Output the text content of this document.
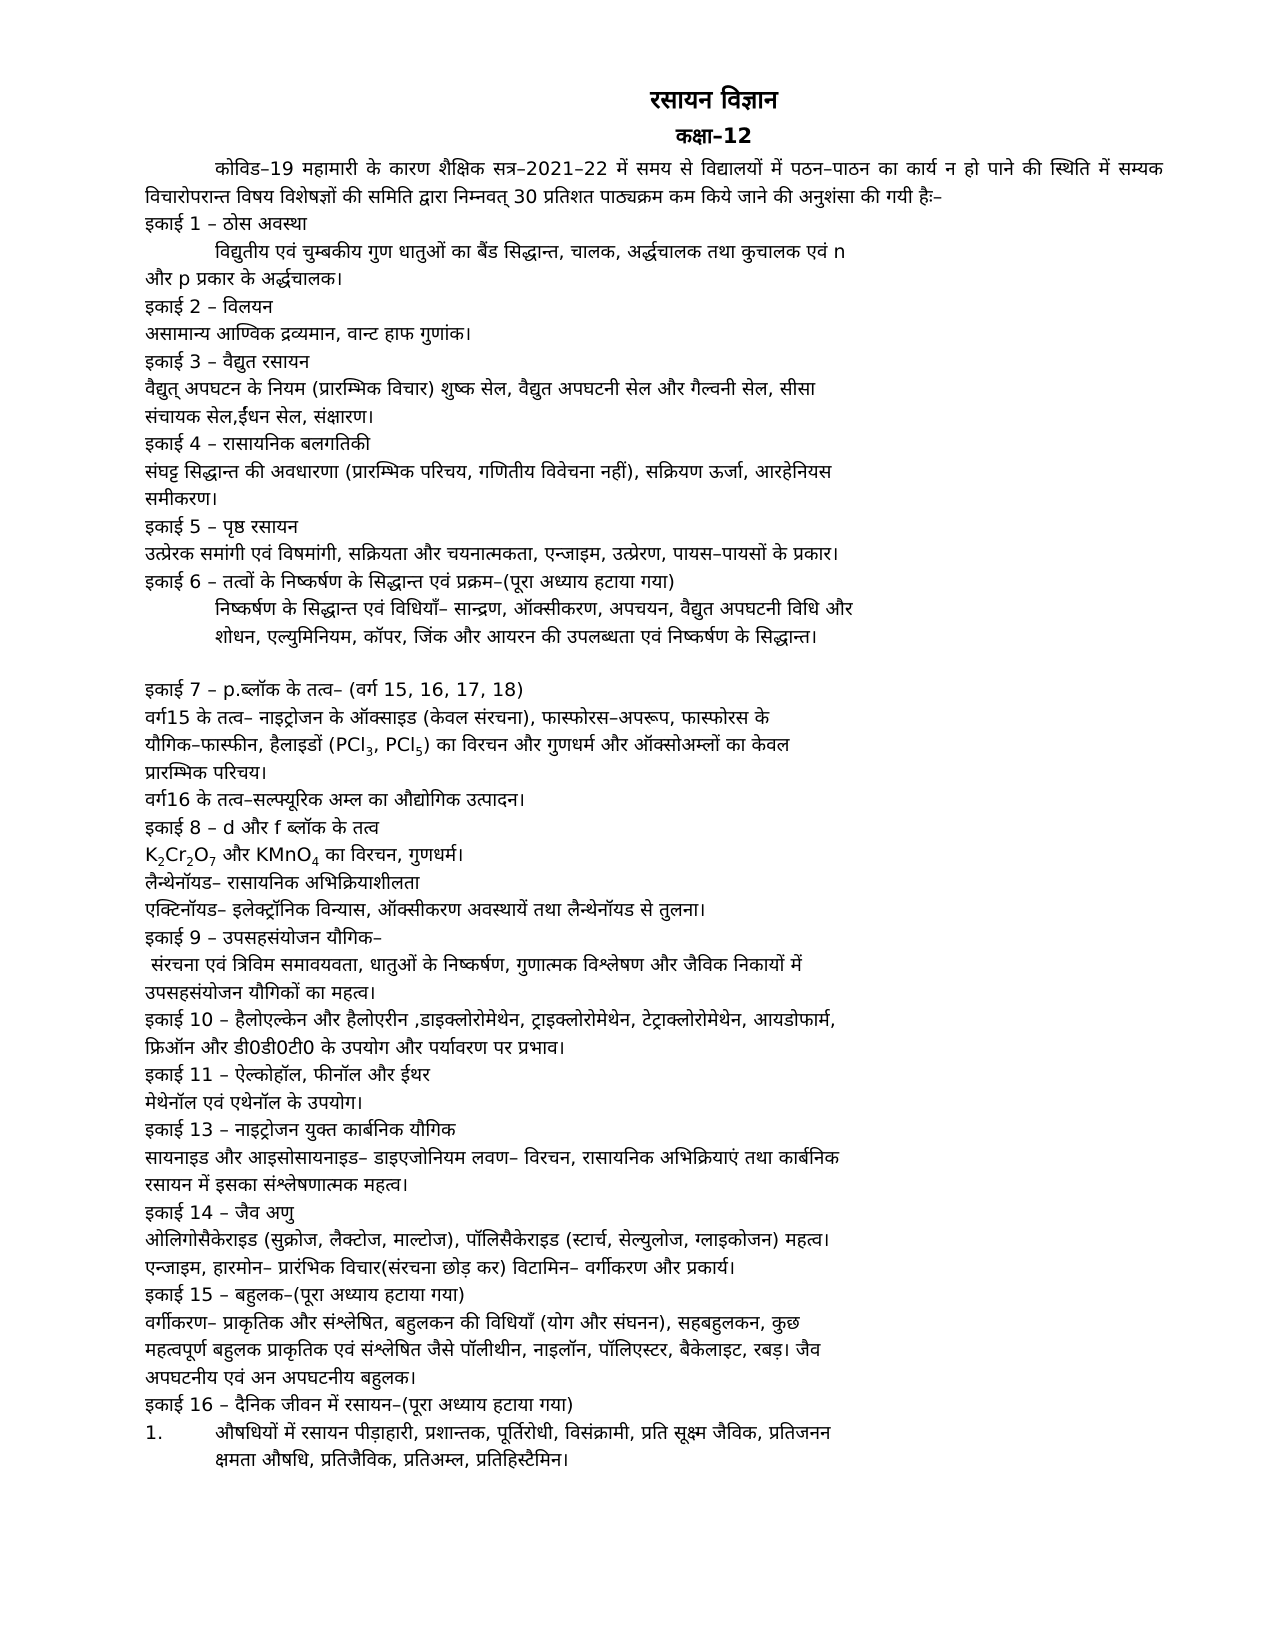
रसायन विज्ञान
कक्षा–12

कोविड–19 महामारी के कारण शैक्षिक सत्र–2021–22 में समय से विद्यालयों में पठन–पाठन का कार्य न हो पाने की स्थिति में सम्यक विचारोपरान्त विषय विशेषज्ञों की समिति द्वारा निम्नवत् 30 प्रतिशत पाठ्यक्रम कम किये जाने की अनुशंसा की गयी हैः–

इकाई 1 – ठोस अवस्था

विद्युतीय एवं चुम्बकीय गुण धातुओं का बैंड सिद्धान्त, चालक, अर्द्धचालक तथा कुचालक एवं n

और p प्रकार के अर्द्धचालक।

इकाई 2 – विलयन

असामान्य आण्विक द्रव्यमान, वान्ट हाफ गुणांक।

इकाई 3 – वैद्युत रसायन

वैद्युत् अपघटन के नियम (प्रारम्भिक विचार) शुष्क सेल, वैद्युत अपघटनी सेल और गैल्वनी सेल, सीसा

संचायक सेल,ईंधन सेल, संक्षारण।

इकाई 4 – रासायनिक बलगतिकी

संघट्ट सिद्धान्त की अवधारणा (प्रारम्भिक परिचय, गणितीय विवेचना नहीं), सक्रियण ऊर्जा, आरहेनियस

समीकरण।

इकाई 5 – पृष्ठ रसायन

उत्प्रेरक समांगी एवं विषमांगी, सक्रियता और चयनात्मकता, एन्जाइम, उत्प्रेरण, पायस–पायसों के प्रकार।

इकाई 6 – तत्वों के निष्कर्षण के सिद्धान्त एवं प्रक्रम–(पूरा अध्याय हटाया गया)

निष्कर्षण के सिद्धान्त एवं विधियाँ– सान्द्रण, ऑक्सीकरण, अपचयन, वैद्युत अपघटनी विधि और

शोधन, एल्युमिनियम, कॉपर, जिंक और आयरन की उपलब्धता एवं निष्कर्षण के सिद्धान्त।

इकाई 7 – p.ब्लॉक के तत्व– (वर्ग 15, 16, 17, 18)

वर्ग15 के तत्व– नाइट्रोजन के ऑक्साइड (केवल संरचना), फास्फोरस–अपरूप, फास्फोरस के

यौगिक–फास्फीन, हैलाइडों (PCl$_3$, PCl$_5$) का विरचन और गुणधर्म और ऑक्सोअम्लों का केवल

प्रारम्भिक परिचय।

वर्ग16 के तत्व–सल्फ्यूरिक अम्ल का औद्योगिक उत्पादन।

इकाई 8 – d और f ब्लॉक के तत्व

$K_2Cr_2O_7$ और KMnO$_4$ का विरचन, गुणधर्म।

लैन्थेनॉयड– रासायनिक अभिक्रियाशीलता

एक्टिनॉयड– इलेक्ट्रॉनिक विन्यास, ऑक्सीकरण अवस्थायें तथा लैन्थेनॉयड से तुलना।

इकाई 9 – उपसहसंयोजन यौगिक–

संरचना एवं त्रिविम समावयवता, धातुओं के निष्कर्षण, गुणात्मक विश्लेषण और जैविक निकायों में

उपसहसंयोजन यौगिकों का महत्व।

इकाई 10 – हैलोएल्केन और हैलोएरीन ,डाइक्लोरोमेथेन, ट्राइक्लोरोमेथेन, टेट्राक्लोरोमेथेन, आयडोफार्म,

फ्रिऑन और डी0डी0टी0 के उपयोग और पर्यावरण पर प्रभाव।

इकाई 11 – ऐल्कोहॉल, फीनॉल और ईथर

मेथेनॉल एवं एथेनॉल के उपयोग।

इकाई 13 – नाइट्रोजन युक्त कार्बनिक यौगिक

सायनाइड और आइसोसायनाइड– डाइएजोनियम लवण– विरचन, रासायनिक अभिक्रियाएं तथा कार्बनिक

रसायन में इसका संश्लेषणात्मक महत्व।

इकाई 14 – जैव अणु

ओलिगोसैकेराइड (सुक्रोज, लैक्टोज, माल्टोज), पॉलिसैकेराइड (स्टार्च, सेल्युलोज, ग्लाइकोजन) महत्व।

एन्जाइम, हारमोन– प्रारंभिक विचार(संरचना छोड़ कर) विटामिन– वर्गीकरण और प्रकार्य।

इकाई 15 – बहुलक–(पूरा अध्याय हटाया गया)

वर्गीकरण– प्राकृतिक और संश्लेषित, बहुलकन की विधियाँ (योग और संघनन), सहबहुलकन, कुछ

महत्वपूर्ण बहुलक प्राकृतिक एवं संश्लेषित जैसे पॉलीथीन, नाइलॉन, पॉलिएस्टर, बैकेलाइट, रबड़। जैव

अपघटनीय एवं अन अपघटनीय बहुलक।

इकाई 16 – दैनिक जीवन में रसायन–(पूरा अध्याय हटाया गया)

1.	औषधियों में रसायन पीड़ाहारी, प्रशान्तक, पूर्तिरोधी, विसंक्रामी, प्रति सूक्ष्म जैविक, प्रतिजनन

क्षमता औषधि, प्रतिजैविक, प्रतिअम्ल, प्रतिहिस्टैमिन।
